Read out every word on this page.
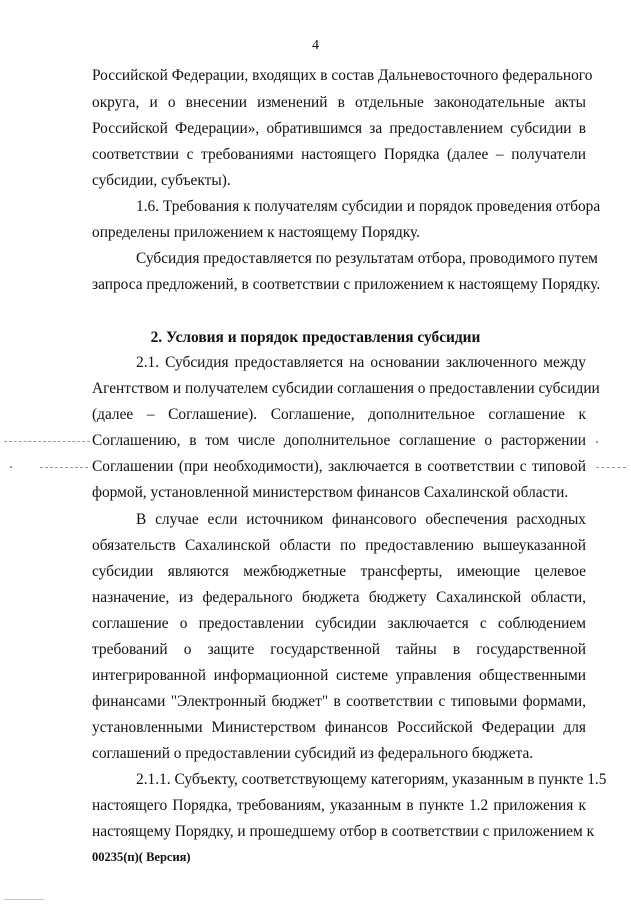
4
Российской Федерации, входящих в состав Дальневосточного федерального
округа, и о внесении изменений в отдельные законодательные акты
Российской Федерации», обратившимся за предоставлением субсидии в
соответствии с требованиями настоящего Порядка (далее – получатели
субсидии, субъекты).
1.6. Требования к получателям субсидии и порядок проведения отбора
определены приложением к настоящему Порядку.
Субсидия предоставляется по результатам отбора, проводимого путем
запроса предложений, в соответствии с приложением к настоящему Порядку.
2. Условия и порядок предоставления субсидии
2.1. Субсидия предоставляется на основании заключенного между
Агентством и получателем субсидии соглашения о предоставлении субсидии
(далее – Соглашение). Соглашение, дополнительное соглашение к
Соглашению, в том числе дополнительное соглашение о расторжении
Соглашении (при необходимости), заключается в соответствии с типовой
формой, установленной министерством финансов Сахалинской области.
В случае если источником финансового обеспечения расходных
обязательств Сахалинской области по предоставлению вышеуказанной
субсидии являются межбюджетные трансферты, имеющие целевое
назначение, из федерального бюджета бюджету Сахалинской области,
соглашение о предоставлении субсидии заключается с соблюдением
требований о защите государственной тайны в государственной
интегрированной информационной системе управления общественными
финансами "Электронный бюджет" в соответствии с типовыми формами,
установленными Министерством финансов Российской Федерации для
соглашений о предоставлении субсидий из федерального бюджета.
2.1.1. Субъекту, соответствующему категориям, указанным в пункте 1.5
настоящего Порядка, требованиям, указанным в пункте 1.2 приложения к
настоящему Порядку, и прошедшему отбор в соответствии с приложением к
00235(п)( Версия)
